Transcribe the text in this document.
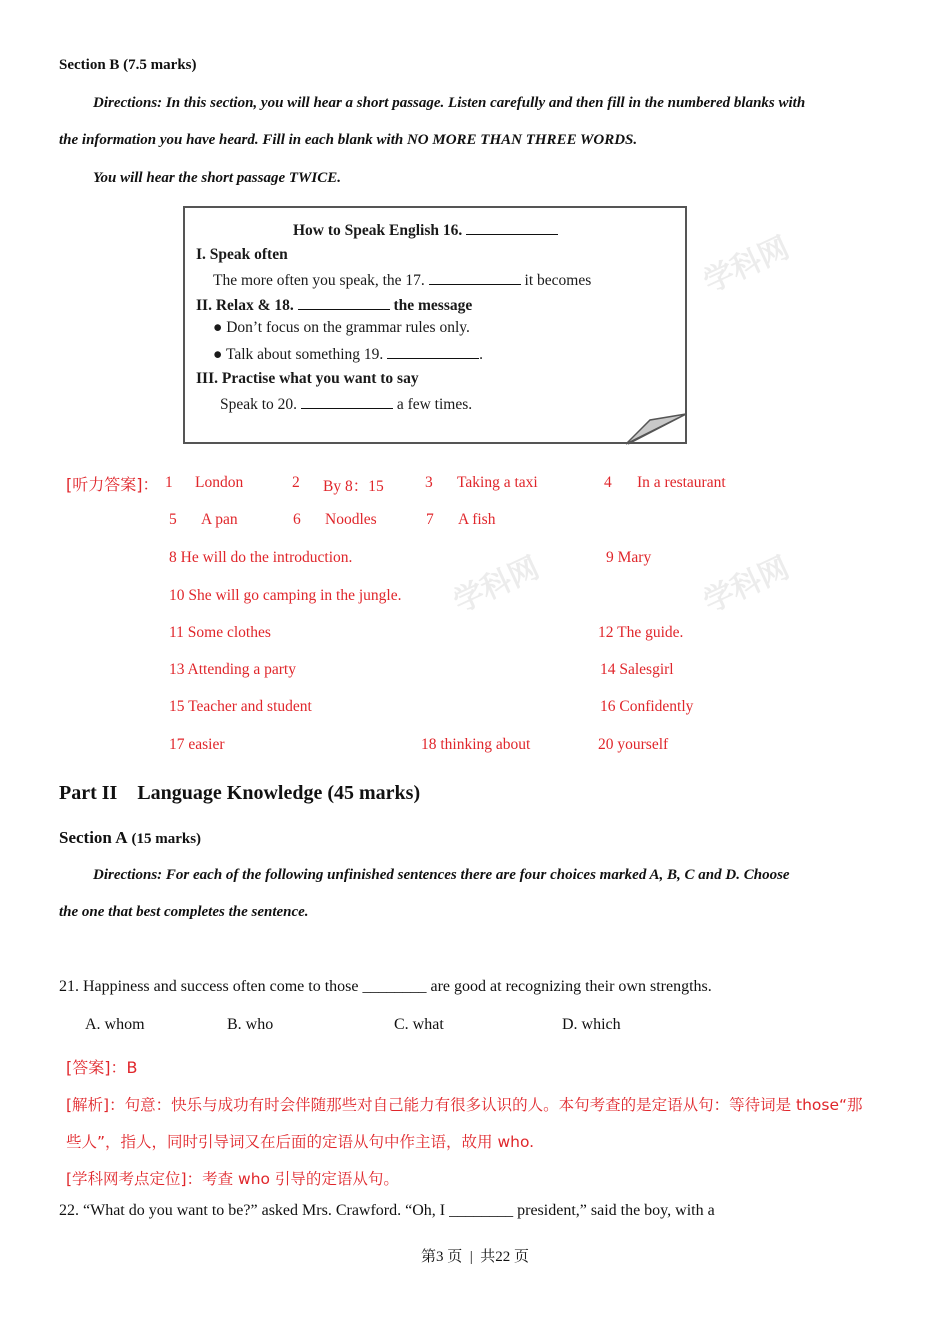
学科网
学科网	学科网
Section B (7.5 marks)
Directions: In this section, you will hear a short passage. Listen carefully and then fill in the numbered blanks with
the information you have heard. Fill in each blank with NO MORE THAN THREE WORDS.
You will hear the short passage TWICE.
How to Speak English 16.
I. Speak often
The more often you speak, the 17.	it becomes
II. Relax & 18.	the message
● Don’t focus on the grammar rules only.
● Talk about something 19.	.
III. Practise what you want to say
Speak to 20.	a few times.
[听力答案]： 1 London	2 By 8：15	3 Taking a taxi	4 In a restaurant
5 A pan	6 Noodles	7 A fish
8 He will do the introduction.	9 Mary
10 She will go camping in the jungle.
11 Some clothes	12 The guide.
13 Attending a party	14 Salesgirl
15 Teacher and student	16 Confidently
17 easier	18 thinking about	20 yourself
Part II    Language Knowledge (45 marks)
Section A (15 marks)
Directions: For each of the following unfinished sentences there are four choices marked A, B, C and D. Choose
the one that best completes the sentence.
21. Happiness and success often come to those ________ are good at recognizing their own strengths.
A. whom	B. who	C. what	D. which
[答案]：B
[解析]：句意：快乐与成功有时会伴随那些对自己能力有很多认识的人。本句考查的是定语从句：等待词是 those“那
些人”，指人，同时引导词又在后面的定语从句中作主语，故用 who.
[学科网考点定位]：考查 who 引导的定语从句。
22. “What do you want to be?” asked Mrs. Crawford. “Oh, I ________ president,” said the boy, with a
第3 页  |  共22 页
